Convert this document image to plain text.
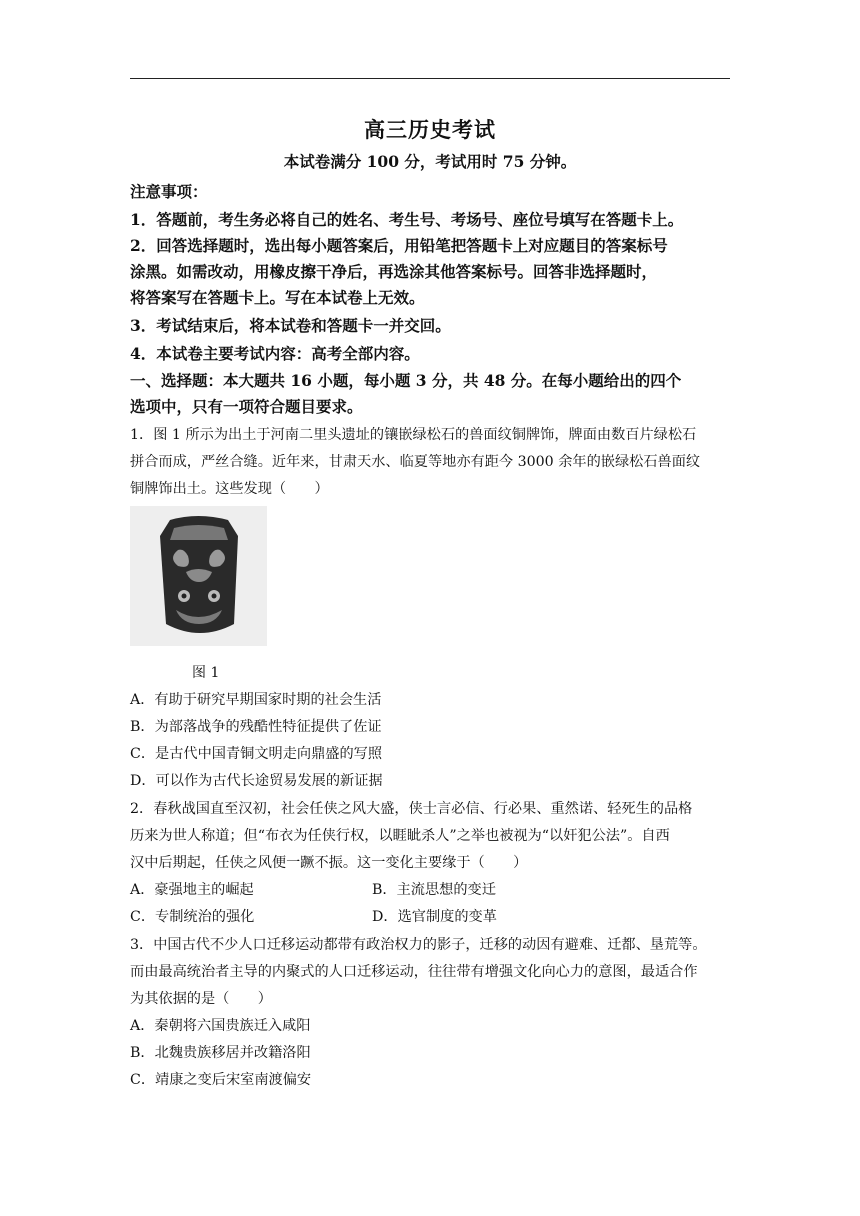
高三历史考试
本试卷满分 100 分，考试用时 75 分钟。
注意事项：
1．答题前，考生务必将自己的姓名、考生号、考场号、座位号填写在答题卡上。
2．回答选择题时，选出每小题答案后，用铅笔把答题卡上对应题目的答案标号
涂黑。如需改动，用橡皮擦干净后，再选涂其他答案标号。回答非选择题时，
将答案写在答题卡上。写在本试卷上无效。
3．考试结束后，将本试卷和答题卡一并交回。
4．本试卷主要考试内容：高考全部内容。
一、选择题：本大题共 16 小题，每小题 3 分，共 48 分。在每小题给出的四个
选项中，只有一项符合题目要求。
1．图 1 所示为出土于河南二里头遗址的镶嵌绿松石的兽面纹铜牌饰，牌面由数百片绿松石
拼合而成，严丝合缝。近年来，甘肃天水、临夏等地亦有距今 3000 余年的嵌绿松石兽面纹
铜牌饰出土。这些发现（　　）
图 1
A．有助于研究早期国家时期的社会生活
B．为部落战争的残酷性特征提供了佐证
C．是古代中国青铜文明走向鼎盛的写照
D．可以作为古代长途贸易发展的新证据
2．春秋战国直至汉初，社会任侠之风大盛，侠士言必信、行必果、重然诺、轻死生的品格
历来为世人称道；但“布衣为任侠行权，以睚眦杀人”之举也被视为“以奸犯公法”。自西
汉中后期起，任侠之风便一蹶不振。这一变化主要缘于（　　）
A．豪强地主的崛起	B．主流思想的变迁
C．专制统治的强化	D．选官制度的变革
3．中国古代不少人口迁移运动都带有政治权力的影子，迁移的动因有避难、迁都、垦荒等。
而由最高统治者主导的内聚式的人口迁移运动，往往带有增强文化向心力的意图，最适合作
为其依据的是（　　）
A．秦朝将六国贵族迁入咸阳
B．北魏贵族移居并改籍洛阳
C．靖康之变后宋室南渡偏安
